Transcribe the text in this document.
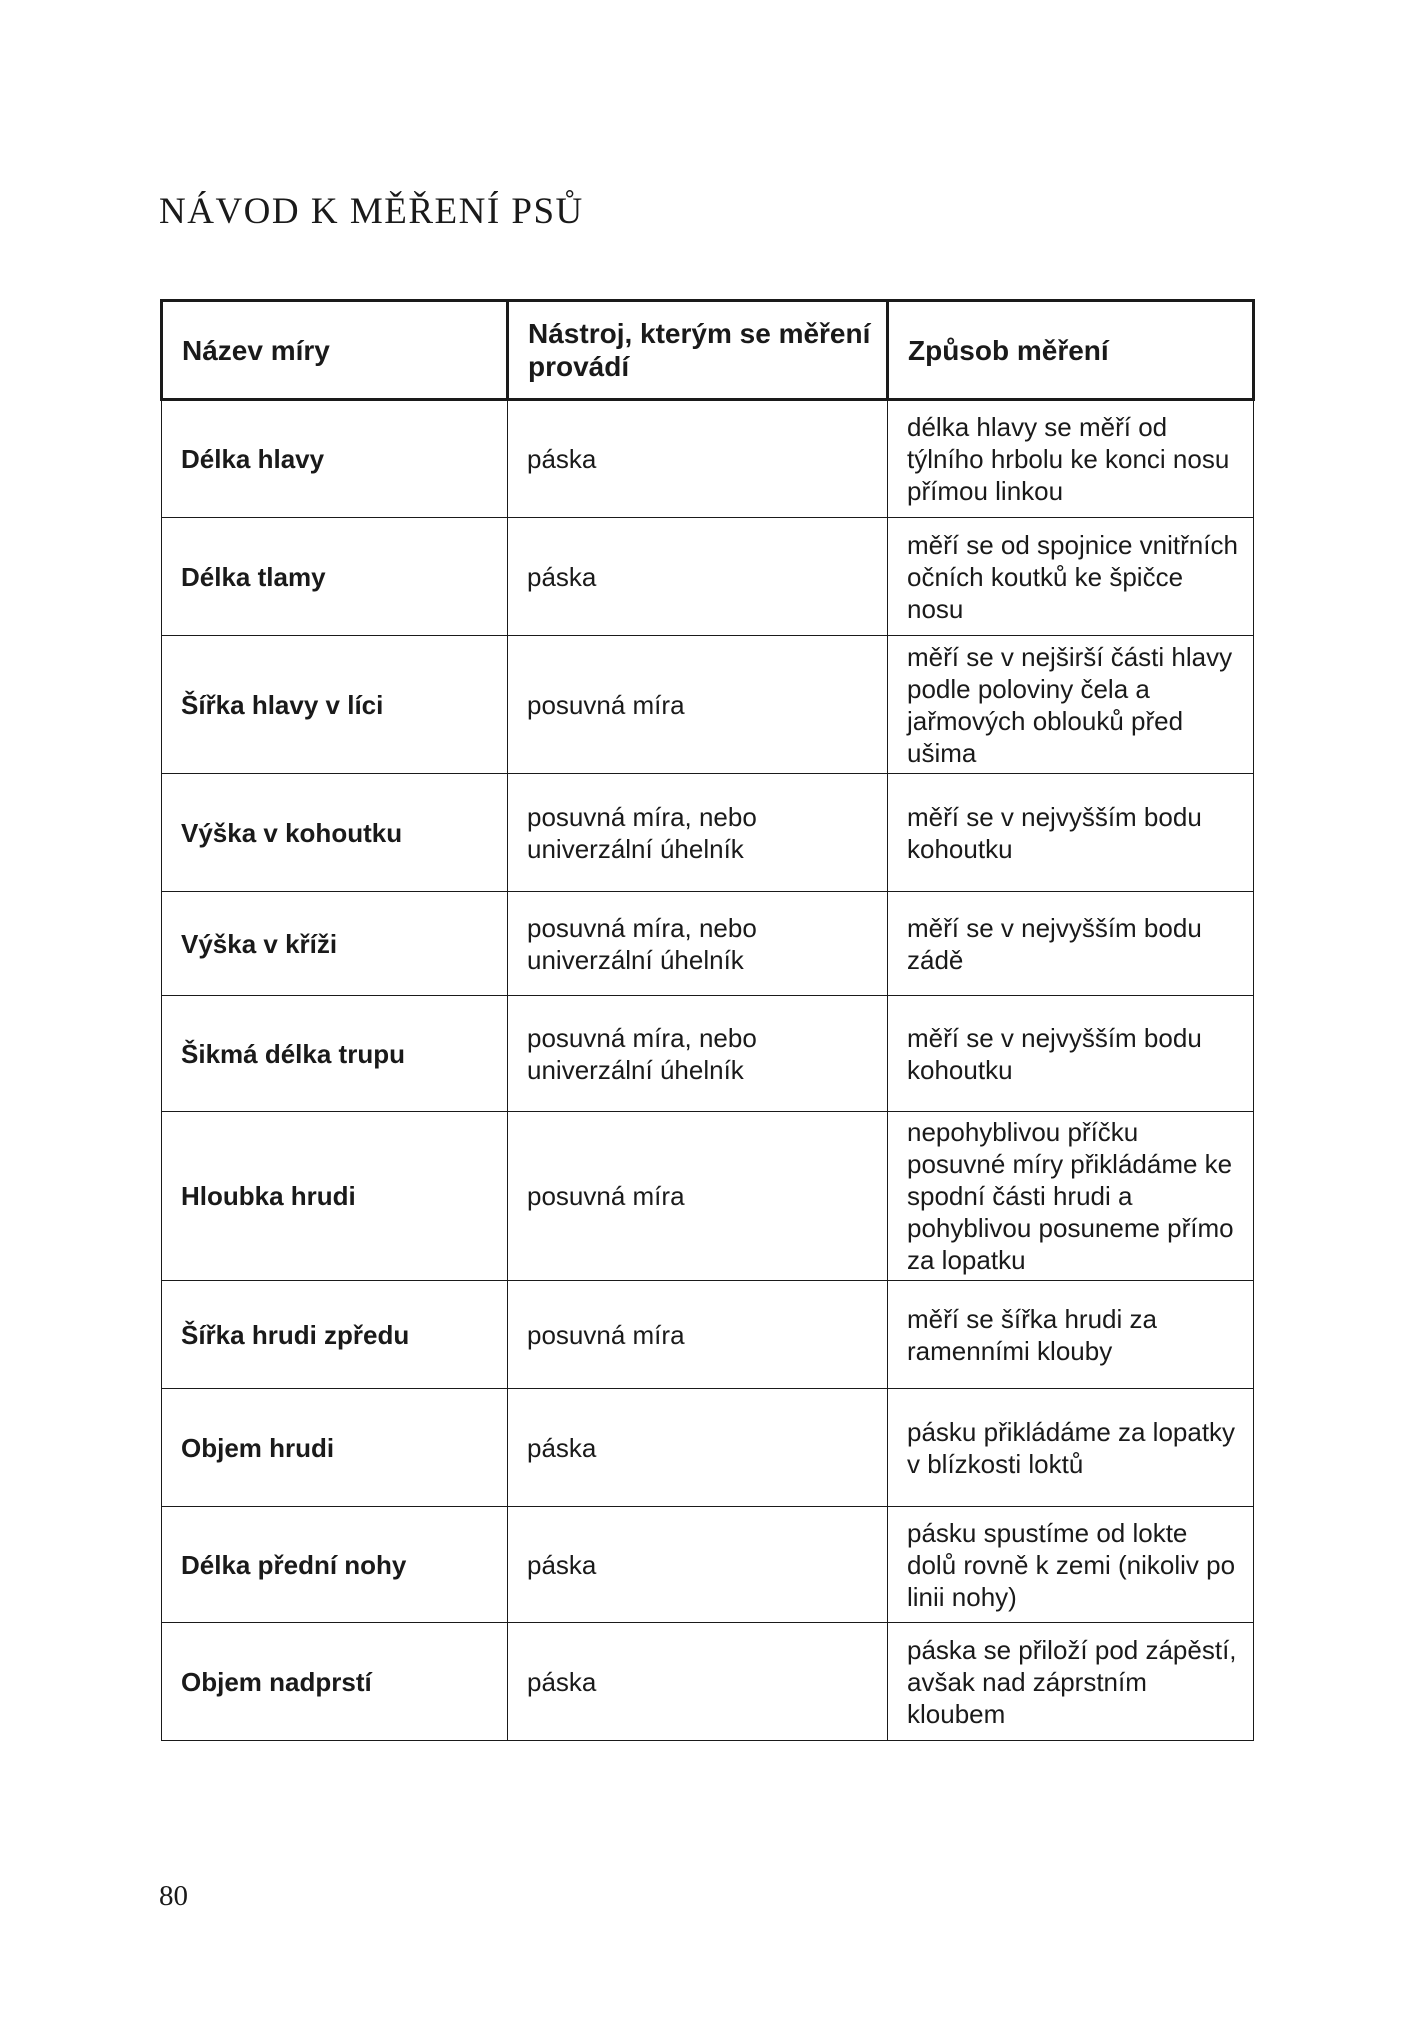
NÁVOD K MĚŘENÍ PSŮ
Název míry	Nástroj, kterým se měření provádí	Způsob měření
Délka hlavy	páska	délka hlavy se měří od týlního hrbolu ke konci nosu přímou linkou
Délka tlamy	páska	měří se od spojnice vnitřních očních koutků ke špičce nosu
Šířka hlavy v líci	posuvná míra	měří se v nejširší části hlavy podle poloviny čela a jařmových oblouků před ušima
Výška v kohoutku	posuvná míra, nebo univerzální úhelník	měří se v nejvyšším bodu kohoutku
Výška v kříži	posuvná míra, nebo univerzální úhelník	měří se v nejvyšším bodu zádě
Šikmá délka trupu	posuvná míra, nebo univerzální úhelník	měří se v nejvyšším bodu kohoutku
Hloubka hrudi	posuvná míra	nepohyblivou příčku posuvné míry přikládáme ke spodní části hrudi a pohyblivou posuneme přímo za lopatku
Šířka hrudi zpředu	posuvná míra	měří se šířka hrudi za ramenními klouby
Objem hrudi	páska	pásku přikládáme za lopatky v blízkosti loktů
Délka přední nohy	páska	pásku spustíme od lokte dolů rovně k zemi (nikoliv po linii nohy)
Objem nadprstí	páska	páska se přiloží pod zápěstí, avšak nad záprstním kloubem
80
